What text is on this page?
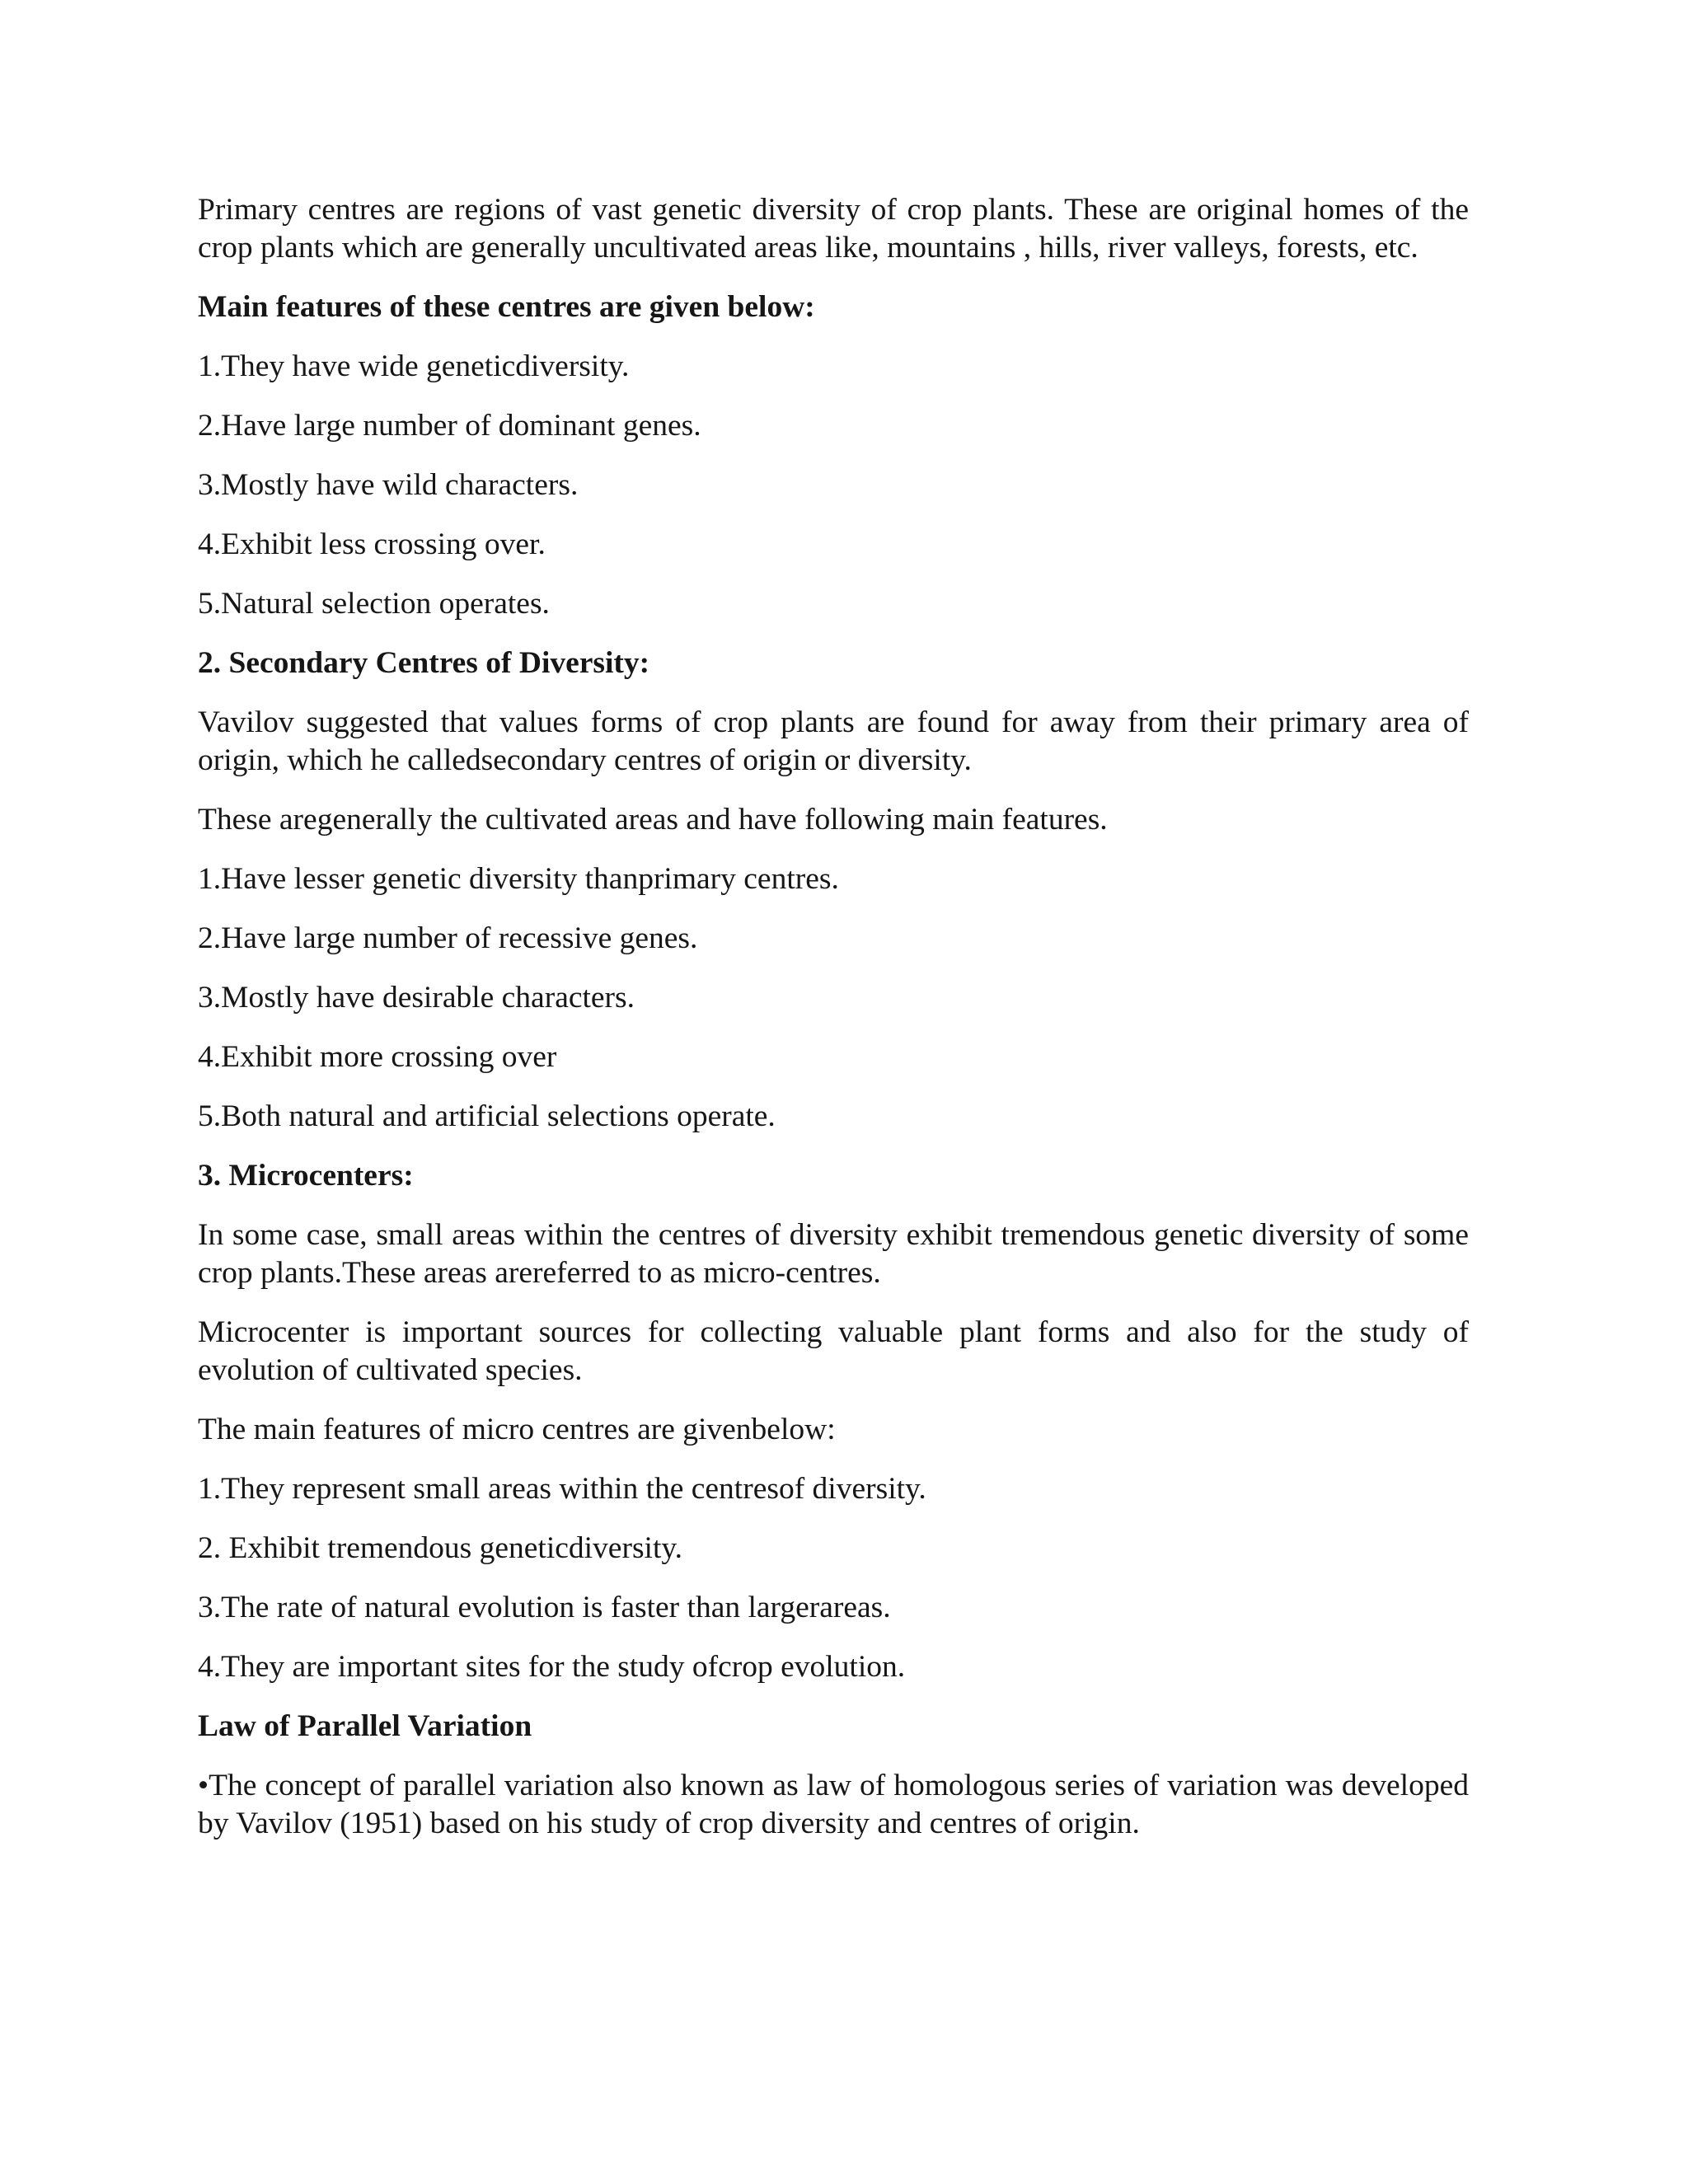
Primary centres are regions of vast genetic diversity of crop plants. These are original homes of the crop plants which are generally uncultivated areas like, mountains , hills, river valleys, forests, etc.

Main features of these centres are given below:

1.They have wide geneticdiversity.

2.Have large number of dominant genes.

3.Mostly have wild characters.

4.Exhibit less crossing over.

5.Natural selection operates.

2. Secondary Centres of Diversity:

Vavilov suggested that values forms of crop plants are found for away from their primary area of origin, which he calledsecondary centres of origin or diversity.

These aregenerally the cultivated areas and have following main features.

1.Have lesser genetic diversity thanprimary centres.

2.Have large number of recessive genes.

3.Mostly have desirable characters.

4.Exhibit more crossing over

5.Both natural and artificial selections operate.

3. Microcenters:

In some case, small areas within the centres of diversity exhibit tremendous genetic diversity of some crop plants.These areas arereferred to as micro-centres.

Microcenter is important sources for collecting valuable plant forms and also for the study of evolution of cultivated species.

The main features of micro centres are givenbelow:

1.They represent small areas within the centresof diversity.

2. Exhibit tremendous geneticdiversity.

3.The rate of natural evolution is faster than largerareas.

4.They are important sites for the study ofcrop evolution.

Law of Parallel Variation

•The concept of parallel variation also known as law of homologous series of variation was developed by Vavilov (1951) based on his study of crop diversity and centres of origin.
